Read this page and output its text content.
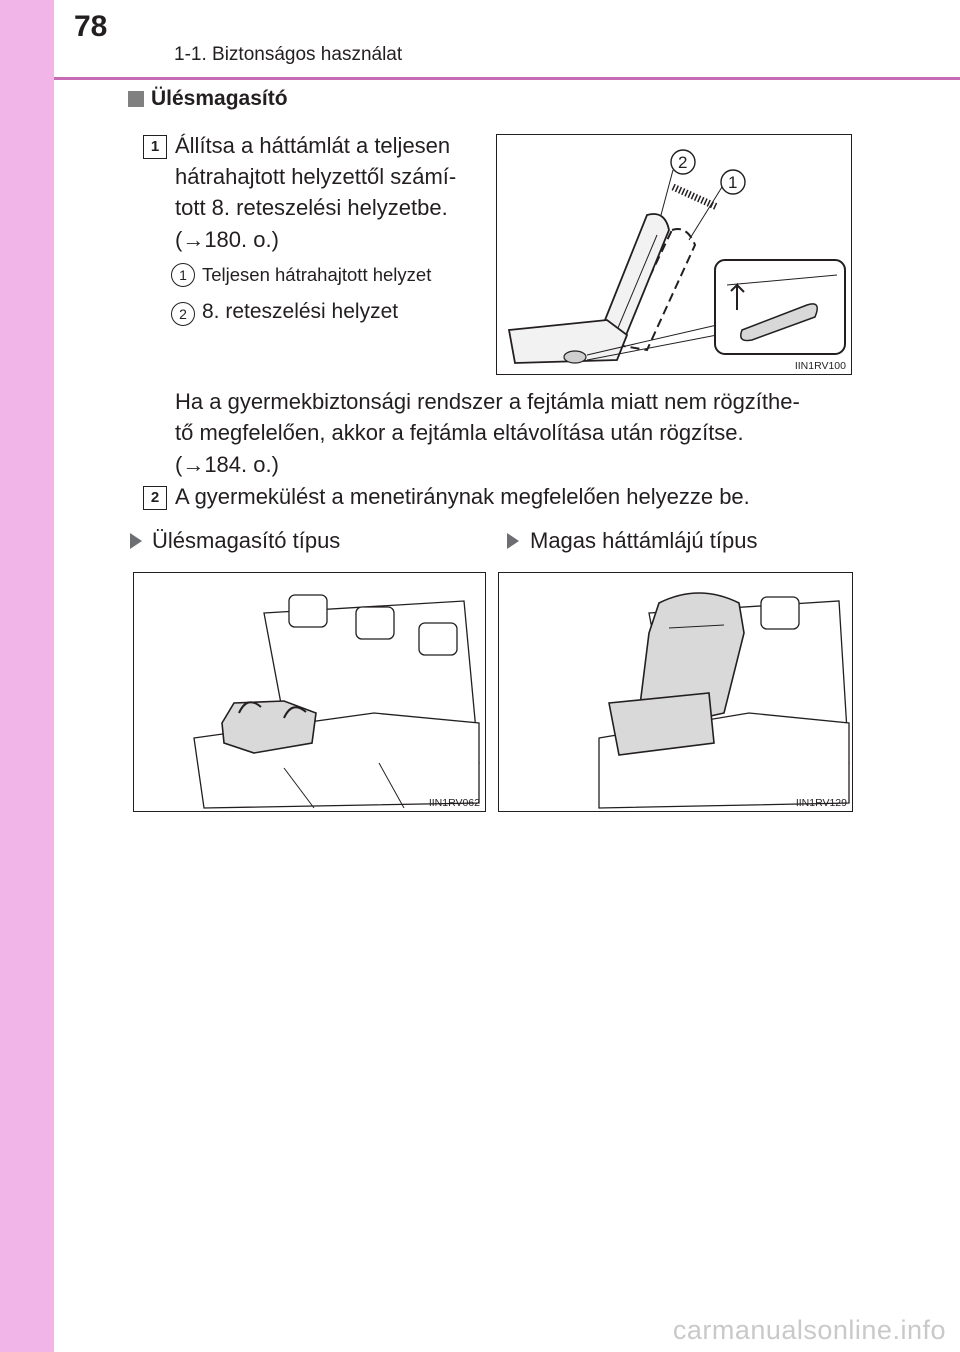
78
1-1. Biztonságos használat
Ülésmagasító
1 Állítsa a háttámlát a teljesen
hátrahajtott helyzettől számí-
tott 8. reteszelési helyzetbe.
(→180. o.)
1 Teljesen hátrahajtott helyzet
2 8. reteszelési helyzet
2
1
IIN1RV100
Ha a gyermekbiztonsági rendszer a fejtámla miatt nem rögzíthe-
tő megfelelően, akkor a fejtámla eltávolítása után rögzítse.
(→184. o.)
2 A gyermekülést a menetiránynak megfelelően helyezze be.
Ülésmagasító típus	Magas háttámlájú típus
IIN1RV062	IIN1RV129
carmanualsonline.info
